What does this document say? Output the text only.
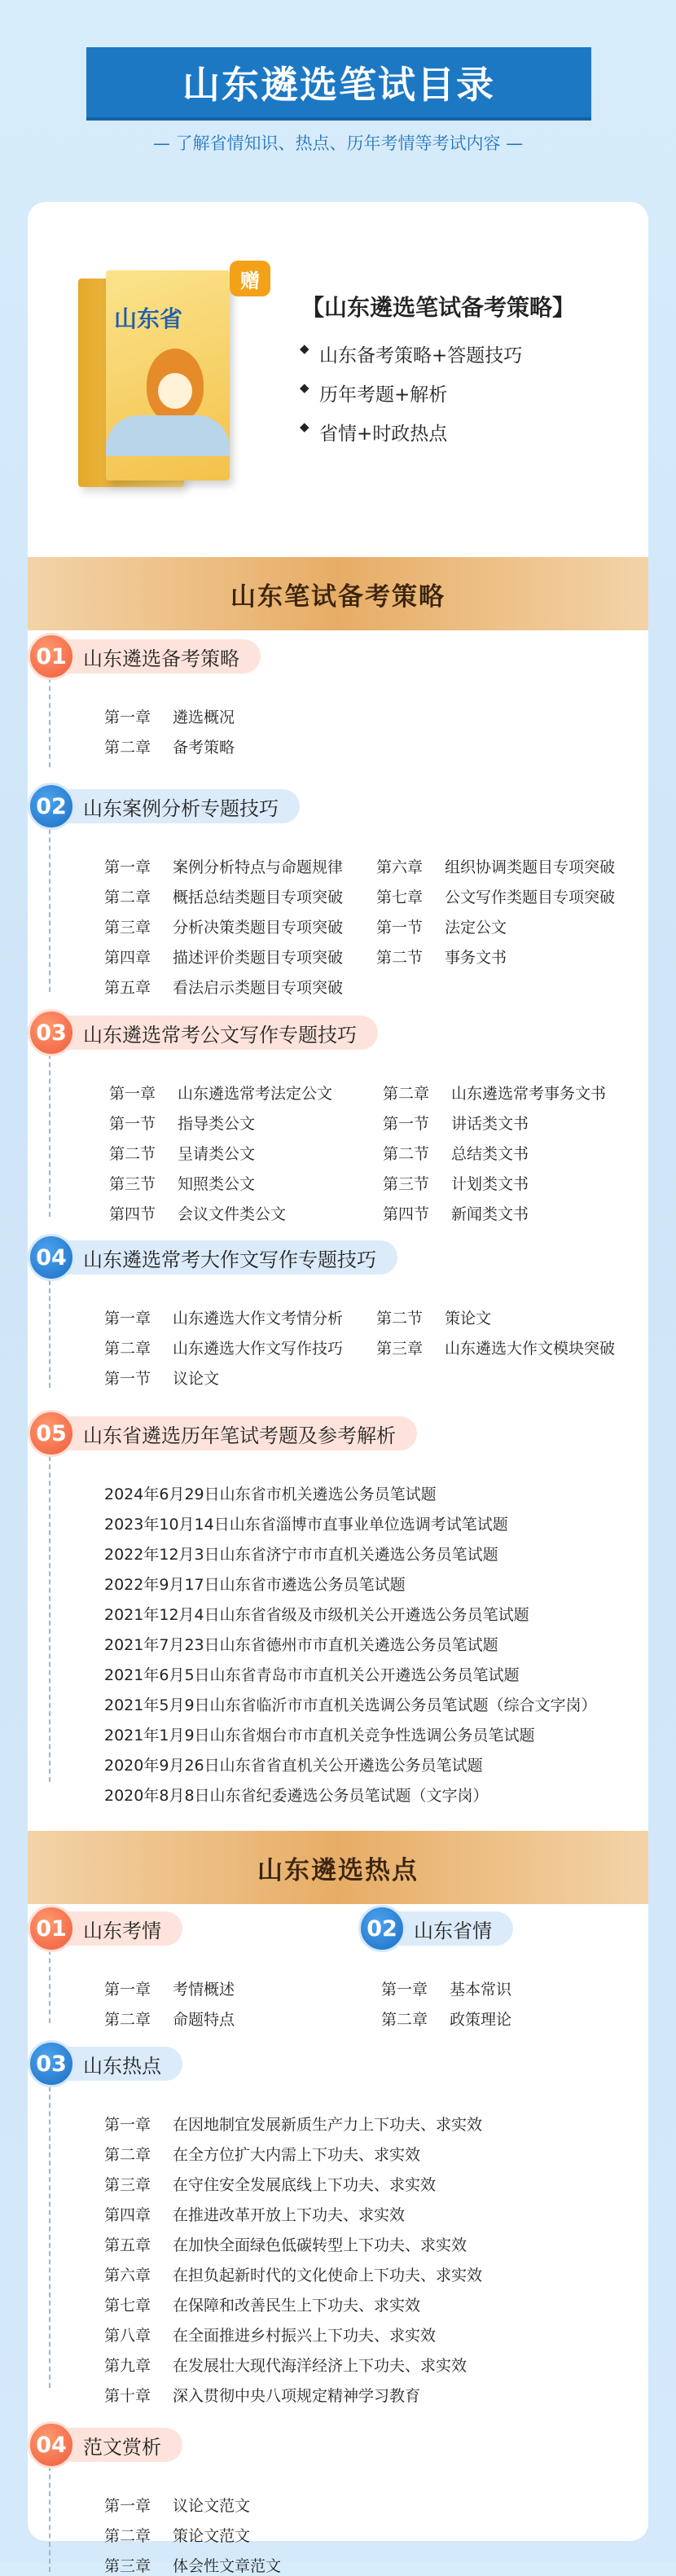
山东遴选笔试目录
— 了解省情知识、热点、历年考情等考试内容 —
山东省
赠
【山东遴选笔试备考策略】
◆ 山东备考策略+答题技巧
◆ 历年考题+解析
◆ 省情+时政热点
山东笔试备考策略
01 山东遴选备考策略
第一章 遴选概况
第二章 备考策略
02 山东案例分析专题技巧
第一章 案例分析特点与命题规律
第二章 概括总结类题目专项突破
第三章 分析决策类题目专项突破
第四章 描述评价类题目专项突破
第五章 看法启示类题目专项突破
第六章 组织协调类题目专项突破
第七章 公文写作类题目专项突破
第一节 法定公文
第二节 事务文书
03 山东遴选常考公文写作专题技巧
第一章 山东遴选常考法定公文
第一节 指导类公文
第二节 呈请类公文
第三节 知照类公文
第四节 会议文件类公文
第二章 山东遴选常考事务文书
第一节 讲话类文书
第二节 总结类文书
第三节 计划类文书
第四节 新闻类文书
04 山东遴选常考大作文写作专题技巧
第一章 山东遴选大作文考情分析
第二章 山东遴选大作文写作技巧
第一节 议论文
第二节 策论文
第三章 山东遴选大作文模块突破
05 山东省遴选历年笔试考题及参考解析
2024年6月29日山东省市机关遴选公务员笔试题
2023年10月14日山东省淄博市直事业单位选调考试笔试题
2022年12月3日山东省济宁市市直机关遴选公务员笔试题
2022年9月17日山东省市遴选公务员笔试题
2021年12月4日山东省省级及市级机关公开遴选公务员笔试题
2021年7月23日山东省德州市市直机关遴选公务员笔试题
2021年6月5日山东省青岛市市直机关公开遴选公务员笔试题
2021年5月9日山东省临沂市市直机关选调公务员笔试题（综合文字岗）
2021年1月9日山东省烟台市市直机关竞争性选调公务员笔试题
2020年9月26日山东省省直机关公开遴选公务员笔试题
2020年8月8日山东省纪委遴选公务员笔试题（文字岗）
山东遴选热点
01 山东考情
第一章 考情概述
第二章 命题特点
02 山东省情
第一章 基本常识
第二章 政策理论
03 山东热点
第一章 在因地制宜发展新质生产力上下功夫、求实效
第二章 在全方位扩大内需上下功夫、求实效
第三章 在守住安全发展底线上下功夫、求实效
第四章 在推进改革开放上下功夫、求实效
第五章 在加快全面绿色低碳转型上下功夫、求实效
第六章 在担负起新时代的文化使命上下功夫、求实效
第七章 在保障和改善民生上下功夫、求实效
第八章 在全面推进乡村振兴上下功夫、求实效
第九章 在发展壮大现代海洋经济上下功夫、求实效
第十章 深入贯彻中央八项规定精神学习教育
04 范文赏析
第一章 议论文范文
第二章 策论文范文
第三章 体会性文章范文
